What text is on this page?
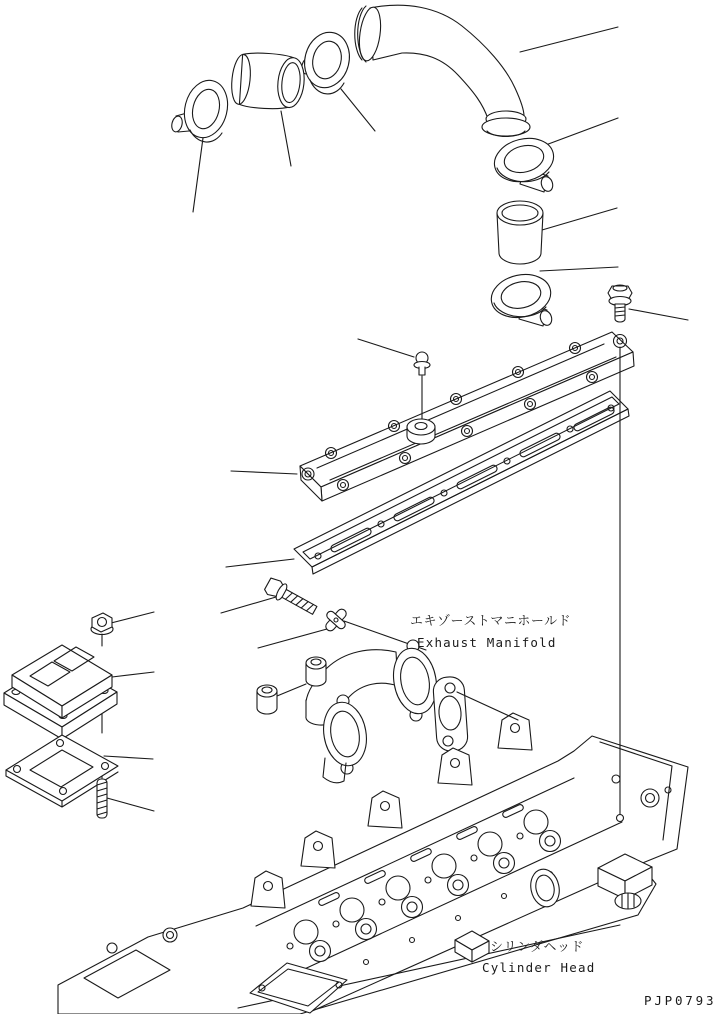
エキゾーストマニホールド
Exhaust Manifold
シリンダヘッド
Cylinder Head
PJP0793
